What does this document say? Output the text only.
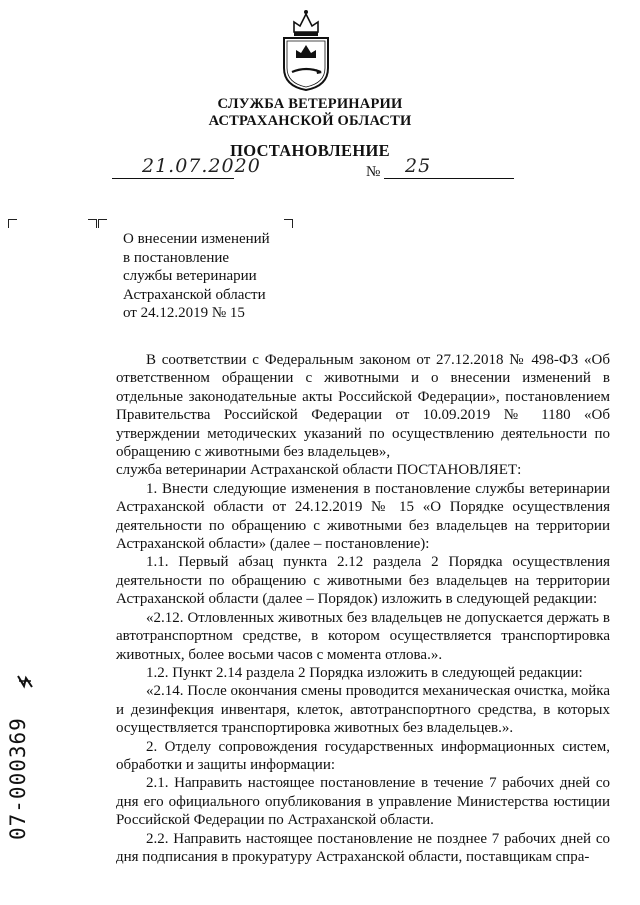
СЛУЖБА ВЕТЕРИНАРИИ
АСТРАХАНСКОЙ ОБЛАСТИ
ПОСТАНОВЛЕНИЕ
21.07.2020	№ 25
О внесении изменений
в постановление
службы ветеринарии
Астраханской области
от 24.12.2019 № 15

В соответствии с Федеральным законом от 27.12.2018 № 498-ФЗ «Об ответственном обращении с животными и о внесении изменений в отдельные законодательные акты Российской Федерации», постановлением Правительства Российской Федерации от 10.09.2019 № 1180 «Об утверждении методических указаний по осуществлению деятельности по обращению с животными без владельцев»,

служба ветеринарии Астраханской области ПОСТАНОВЛЯЕТ:

1. Внести следующие изменения в постановление службы ветеринарии Астраханской области от 24.12.2019 № 15 «О Порядке осуществления деятельности по обращению с животными без владельцев на территории Астраханской области» (далее – постановление):

1.1. Первый абзац пункта 2.12 раздела 2 Порядка осуществления деятельности по обращению с животными без владельцев на территории Астраханской области (далее – Порядок) изложить в следующей редакции:

«2.12. Отловленных животных без владельцев не допускается держать в автотранспортном средстве, в котором осуществляется транспортировка животных, более восьми часов с момента отлова.».

1.2. Пункт 2.14 раздела 2 Порядка изложить в следующей редакции:

«2.14. После окончания смены проводится механическая очистка, мойка и дезинфекция инвентаря, клеток, автотранспортного средства, в которых осуществляется транспортировка животных без владельцев.».

2. Отделу сопровождения государственных информационных систем, обработки и защиты информации:

2.1. Направить настоящее постановление в течение 7 рабочих дней со дня его официального опубликования в управление Министерства юстиции Российской Федерации по Астраханской области.

2.2. Направить настоящее постановление не позднее 7 рабочих дней со дня подписания в прокуратуру Астраханской области, поставщикам спра-

07-000369
